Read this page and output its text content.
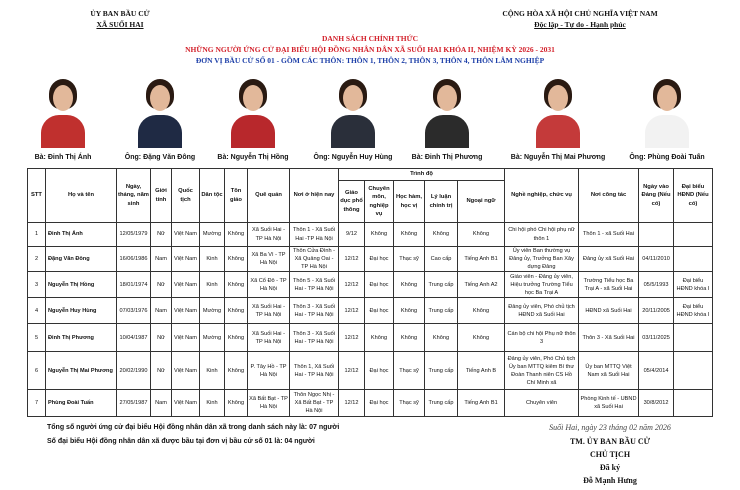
ỦY BAN BẦU CỬ
XÃ SUỐI HAI
CỘNG HÒA XÃ HỘI CHỦ NGHĨA VIỆT NAM
Độc lập - Tự do - Hạnh phúc
DANH SÁCH CHÍNH THỨC
NHỮNG NGƯỜI ỨNG CỬ ĐẠI BIỂU HỘI ĐỒNG NHÂN DÂN XÃ SUỐI HAI KHÓA II, NHIỆM KỲ 2026 - 2031
ĐƠN VỊ BẦU CỬ SỐ 01 - GỒM CÁC THÔN: THÔN 1, THÔN 2, THÔN 3, THÔN 4, THÔN LÂM NGHIỆP
Bà: Đinh Thị Ánh	Ông: Đặng Văn Đông	Bà: Nguyễn Thị Hồng	Ông: Nguyễn Huy Hùng	Bà: Đinh Thị Phương	Bà: Nguyễn Thị Mai Phương	Ông: Phùng Đoài Tuấn
STT	Họ và tên	Ngày, tháng, năm sinh	Giới tính	Quốc tịch	Dân tộc	Tôn giáo	Quê quán	Nơi ở hiện nay	Trình độ					Nghề nghiệp, chức vụ	Nơi công tác	Ngày vào Đảng (Nếu có)	Đại biểu HĐND (Nếu có)
									Giáo dục phổ thông	Chuyên môn, nghiệp vụ	Học hàm, học vị	Lý luận chính trị	Ngoại ngữ				
1	Đinh Thị Ánh	12/05/1979	Nữ	Việt Nam	Mường	Không	Xã Suối Hai - TP Hà Nội	Thôn 1 - Xã Suối Hai -TP Hà Nội	9/12	Không	Không	Không	Không	Chi hội phó Chi hội phụ nữ thôn 1	Thôn 1 - xã Suối Hai		
2	Đặng Văn Đông	16/06/1986	Nam	Việt Nam	Kinh	Không	Xã Ba Vì - TP Hà Nội	Thôn Cửa Đình - Xã Quảng Oai - TP Hà Nội	12/12	Đại học	Thạc sỹ	Cao cấp	Tiếng Anh B1	Ủy viên Ban thường vụ Đảng ủy, Trưởng Ban Xây dựng Đảng	Đảng ủy xã Suối Hai	04/11/2010	
3	Nguyễn Thị Hồng	18/01/1974	Nữ	Việt Nam	Kinh	Không	Xã Cổ Đô - TP Hà Nội	Thôn 5 - Xã Suối Hai - TP Hà Nội	12/12	Đại học	Không	Trung cấp	Tiếng Anh A2	Giáo viên - Đảng ủy viên, Hiệu trưởng Trường Tiểu học Ba Trại A	Trường Tiểu học Ba Trại A - xã Suối Hai	05/5/1993	Đại biểu HĐND khóa I
4	Nguyễn Huy Hùng	07/03/1976	Nam	Việt Nam	Mường	Không	Xã Suối Hai - TP Hà Nội	Thôn 3 - Xã Suối Hai - TP Hà Nội	12/12	Đại học	Không	Trung cấp	Không	Đảng ủy viên, Phó chủ tịch HĐND xã Suối Hai	HĐND xã Suối Hai	20/11/2005	Đại biểu HĐND khóa I
5	Đinh Thị Phương	10/04/1987	Nữ	Việt Nam	Mường	Không	Xã Suối Hai - TP Hà Nội	Thôn 3 - Xã Suối Hai - TP Hà Nội	12/12	Không	Không	Không	Không	Cán bộ chi hội Phụ nữ thôn 3	Thôn 3 - Xã Suối Hai	03/11/2025	
6	Nguyễn Thị Mai Phương	20/02/1990	Nữ	Việt Nam	Kinh	Không	P. Tây Hồ - TP Hà Nội	Thôn 1, Xã Suối Hai - TP Hà Nội	12/12	Đại học	Thạc sỹ	Trung cấp	Tiếng Anh B	Đảng ủy viên, Phó Chủ tịch Ủy ban MTTQ kiêm Bí thư Đoàn Thanh niên CS Hồ Chí Minh xã	Ủy ban MTTQ Việt Nam xã Suối Hai	05/4/2014	
7	Phùng Đoài Tuấn	27/05/1987	Nam	Việt Nam	Kinh	Không	Xã Bất Bạt - TP Hà Nội	Thôn Ngọc Nhị - Xã Bất Bạt - TP Hà Nội	12/12	Đại học	Thạc sỹ	Trung cấp	Tiếng Anh B1	Chuyên viên	Phòng Kinh tế - UBND xã Suối Hai	30/8/2012	
Tổng số người ứng cử đại biểu Hội đồng nhân dân xã trong danh sách này là: 07 người
Số đại biểu Hội đồng nhân dân xã được bầu tại đơn vị bầu cử số 01 là: 04 người
Suối Hai, ngày 23 tháng 02 năm 2026
TM. ỦY BAN BẦU CỬ
CHỦ TỊCH
Đã ký
Đỗ Mạnh Hưng
